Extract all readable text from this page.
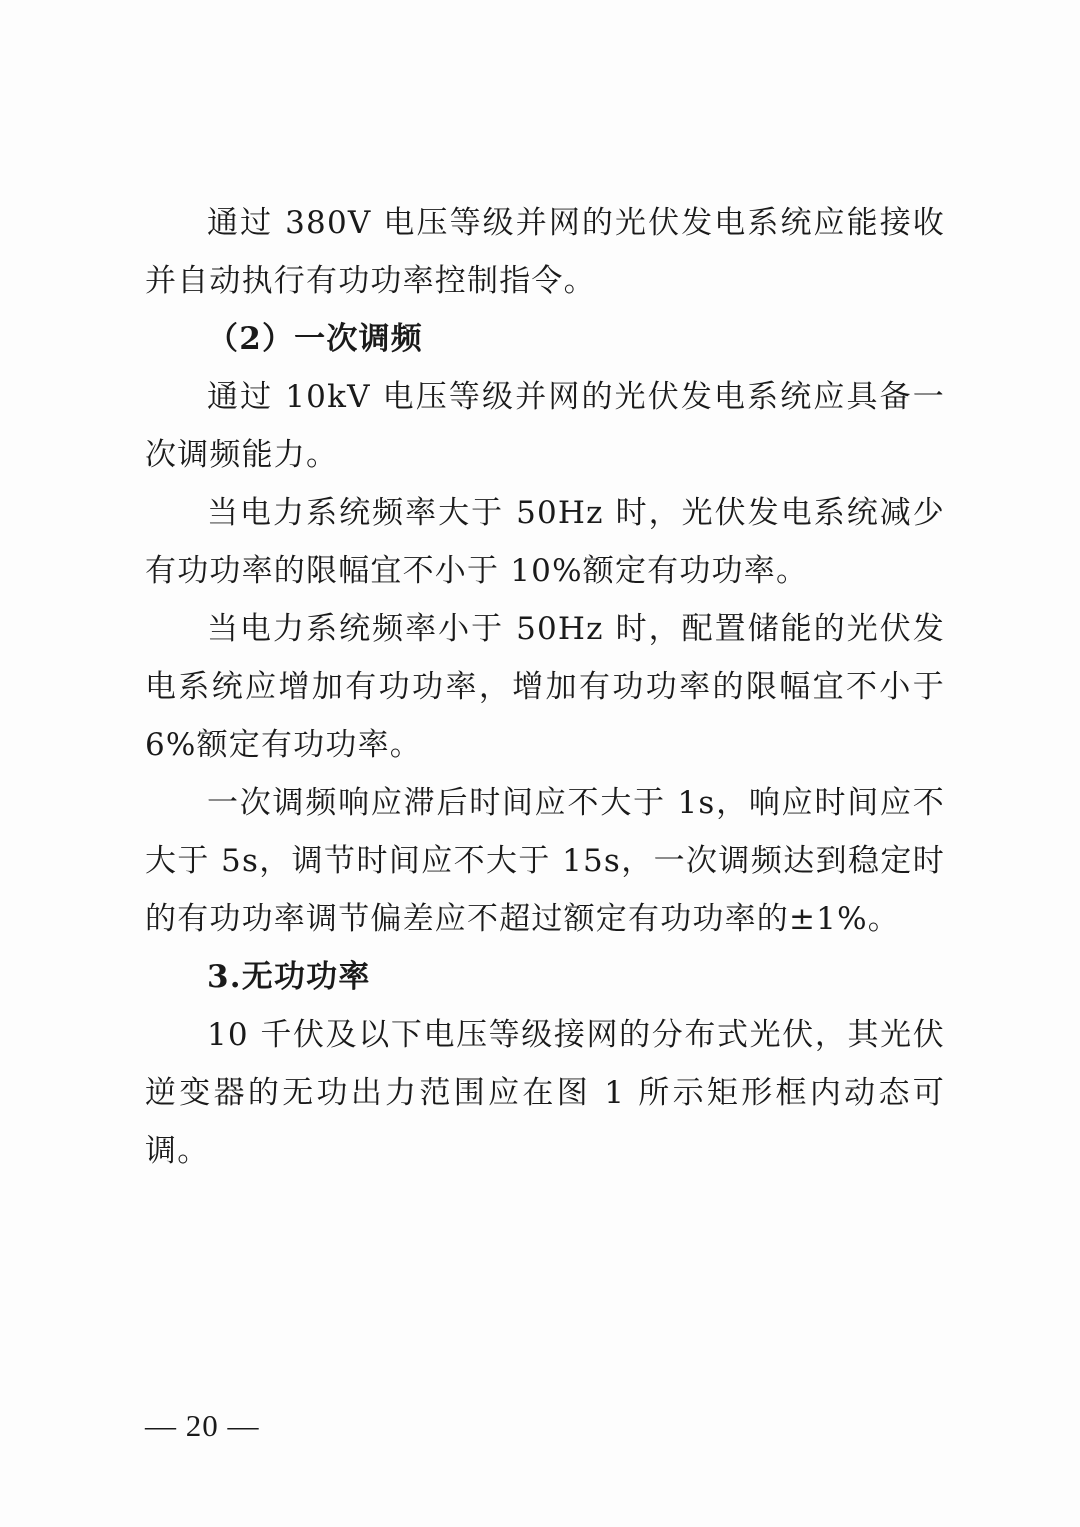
通过 380V 电压等级并网的光伏发电系统应能接收并自动执行有功功率控制指令。

（2）一次调频

通过 10kV 电压等级并网的光伏发电系统应具备一次调频能力。

当电力系统频率大于 50Hz 时，光伏发电系统减少有功功率的限幅宜不小于 10%额定有功功率。

当电力系统频率小于 50Hz 时，配置储能的光伏发电系统应增加有功功率，增加有功功率的限幅宜不小于 6%额定有功功率。

一次调频响应滞后时间应不大于 1s，响应时间应不大于 5s，调节时间应不大于 15s，一次调频达到稳定时的有功功率调节偏差应不超过额定有功功率的±1%。

3.无功功率

10 千伏及以下电压等级接网的分布式光伏，其光伏逆变器的无功出力范围应在图 1 所示矩形框内动态可调。

— 20 —
